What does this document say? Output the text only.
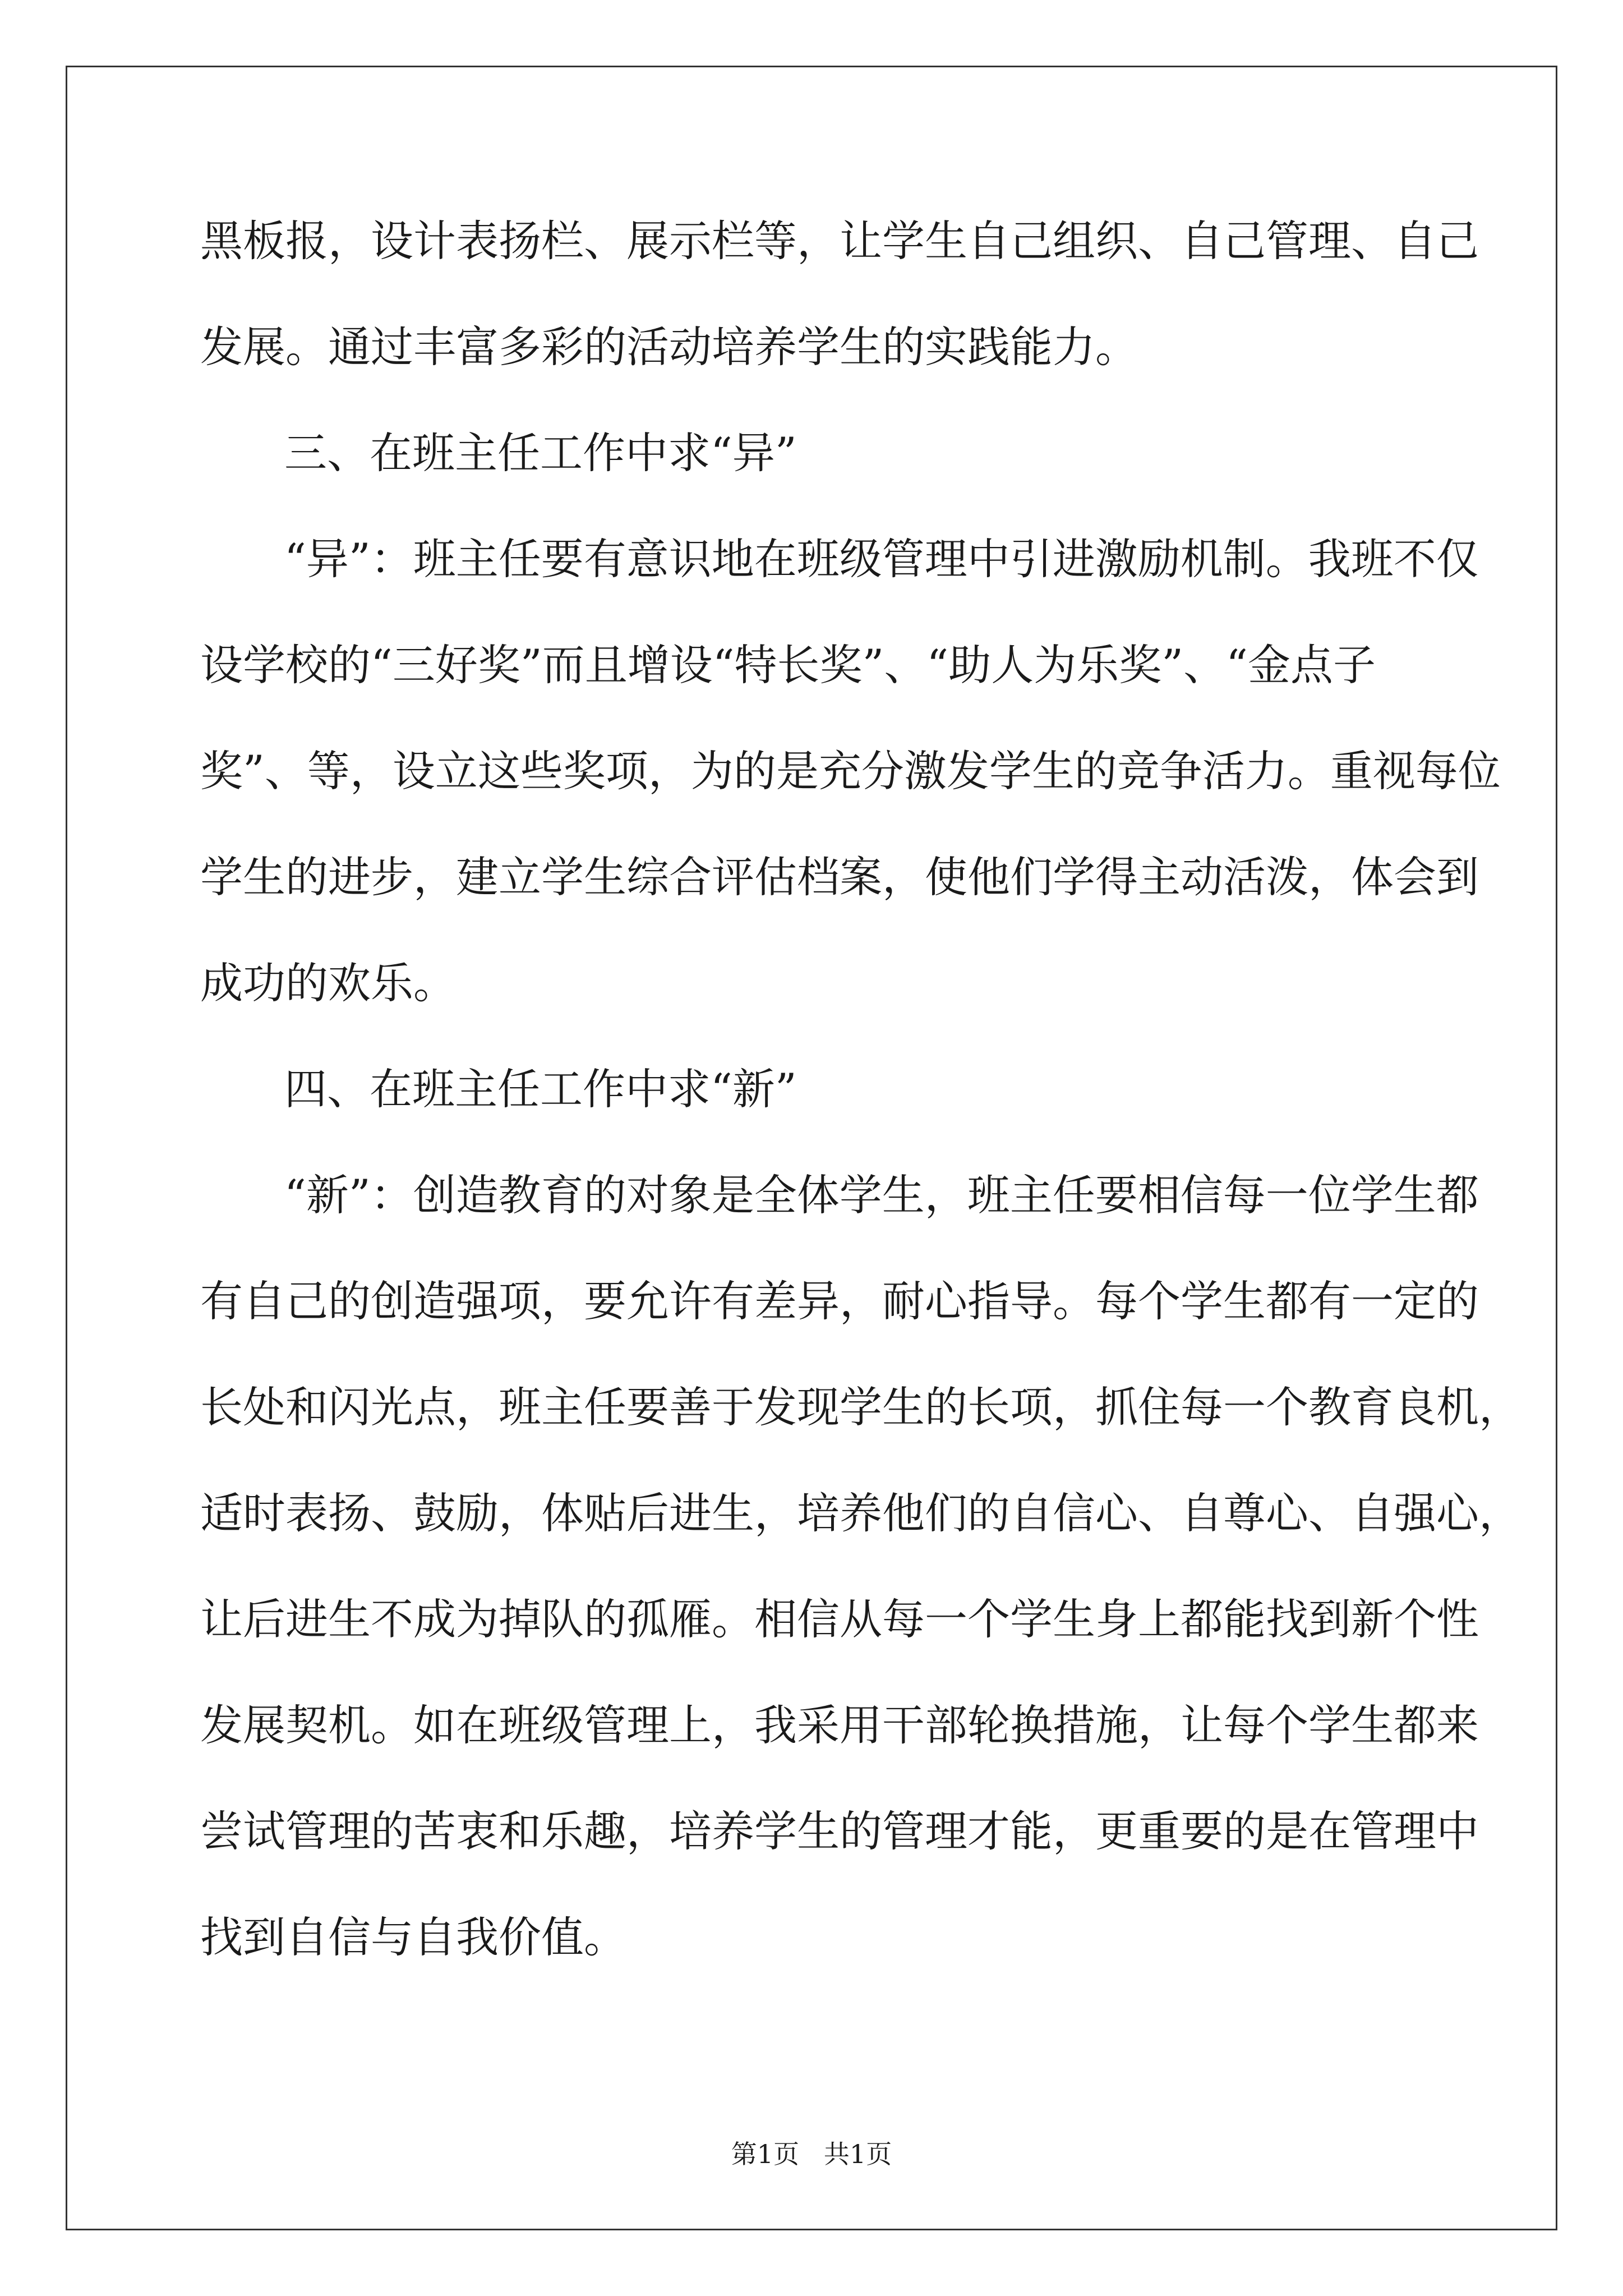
黑板报，设计表扬栏、展示栏等，让学生自己组织、自己管理、自己
发展。通过丰富多彩的活动培养学生的实践能力。
三、在班主任工作中求“异”
“异”：班主任要有意识地在班级管理中引进激励机制。我班不仅
设学校的“三好奖”而且增设“特长奖”、“助人为乐奖”、“金点子
奖”、等，设立这些奖项，为的是充分激发学生的竞争活力。重视每位
学生的进步，建立学生综合评估档案，使他们学得主动活泼，体会到
成功的欢乐。
四、在班主任工作中求“新”
“新”：创造教育的对象是全体学生，班主任要相信每一位学生都
有自己的创造强项，要允许有差异，耐心指导。每个学生都有一定的
长处和闪光点，班主任要善于发现学生的长项，抓住每一个教育良机，
适时表扬、鼓励，体贴后进生，培养他们的自信心、自尊心、自强心，
让后进生不成为掉队的孤雁。相信从每一个学生身上都能找到新个性
发展契机。如在班级管理上，我采用干部轮换措施，让每个学生都来
尝试管理的苦衷和乐趣，培养学生的管理才能，更重要的是在管理中
找到自信与自我价值。
第1页   共1页
